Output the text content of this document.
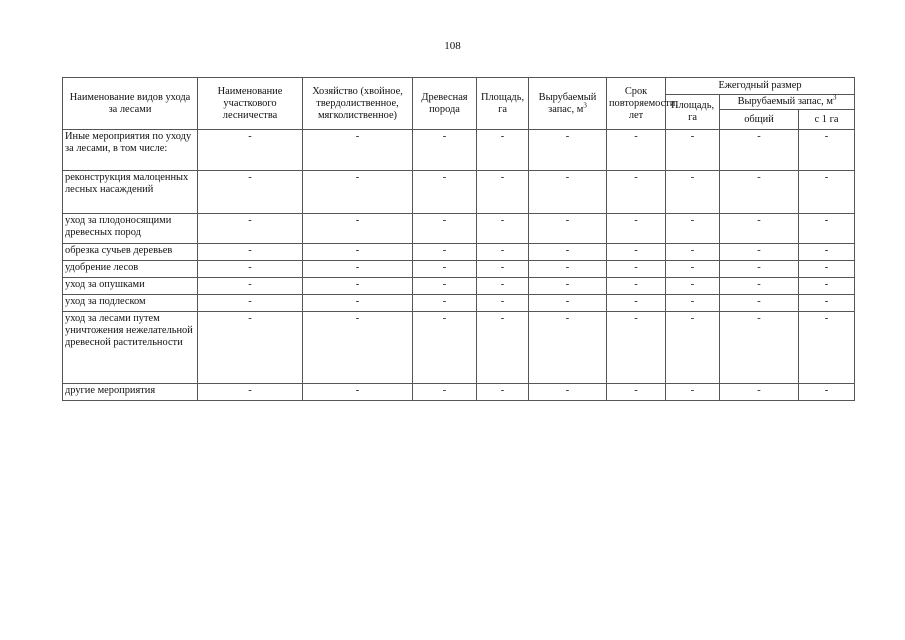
108
Наименование видов ухода за лесами	Наименование участкового лесничества	Хозяйство (хвойное, твердолиственное, мягколиственное)	Древесная порода	Площадь, га	Вырубаемый запас, $м^3$	Срок повторяемости, лет	Ежегодный размер		
							Площадь, га	Вырубаемый запас, $м^3$
								общий	с 1 га
Иные мероприятия по уходу за лесами, в том числе:	-	-	-	-	-	-	-	-	-
реконструкция малоценных лесных насаждений	-	-	-	-	-	-	-	-	-
уход за плодоносящими древесных пород	-	-	-	-	-	-	-	-	-
обрезка сучьев деревьев	-	-	-	-	-	-	-	-	-
удобрение лесов	-	-	-	-	-	-	-	-	-
уход за опушками	-	-	-	-	-	-	-	-	-
уход за подлеском	-	-	-	-	-	-	-	-	-
уход за лесами путем уничтожения нежелательной древесной растительности	-	-	-	-	-	-	-	-	-
другие мероприятия	-	-	-	-	-	-	-	-	-
